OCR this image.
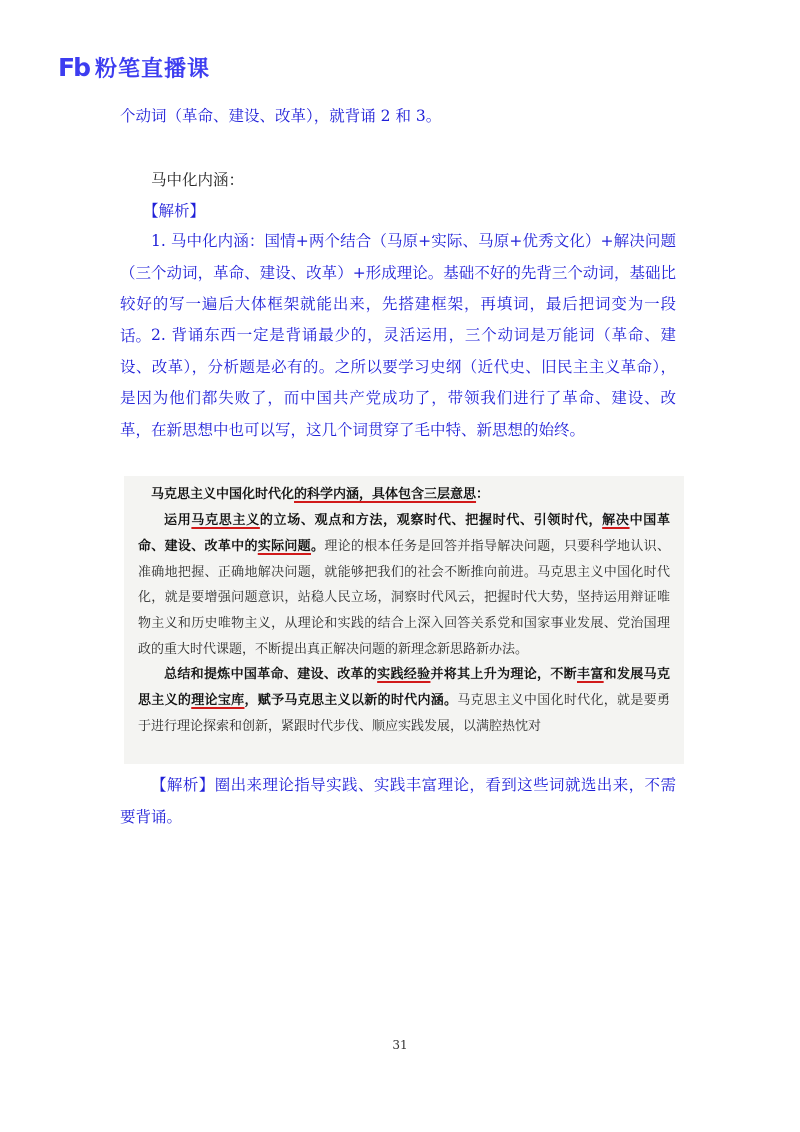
Fb 粉笔直播课
个动词（革命、建设、改革），就背诵 2 和 3。
马中化内涵：
【解析】
1. 马中化内涵：国情+两个结合（马原+实际、马原+优秀文化）+解决问题（三个动词，革命、建设、改革）+形成理论。基础不好的先背三个动词，基础比较好的写一遍后大体框架就能出来，先搭建框架，再填词，最后把词变为一段话。 2. 背诵东西一定是背诵最少的，灵活运用，三个动词是万能词（革命、建设、改革），分析题是必有的。之所以要学习史纲（近代史、旧民主主义革命），是因为他们都失败了，而中国共产党成功了，带领我们进行了革命、建设、改革，在新思想中也可以写，这几个词贯穿了毛中特、新思想的始终。
马克思主义中国化时代化的科学内涵，具体包含三层意思：
运用马克思主义的立场、观点和方法，观察时代、把握时代、引领时代，解决中国革命、建设、改革中的实际问题。理论的根本任务是回答并指导解决问题，只要科学地认识、准确地把握、正确地解决问题，就能够把我们的社会不断推向前进。马克思主义中国化时代化，就是要增强问题意识，站稳人民立场，洞察时代风云，把握时代大势，坚持运用辩证唯物主义和历史唯物主义，从理论和实践的结合上深入回答关系党和国家事业发展、党治国理政的重大时代课题，不断提出真正解决问题的新理念新思路新办法。
总结和提炼中国革命、建设、改革的实践经验并将其上升为理论，不断丰富和发展马克思主义的理论宝库，赋予马克思主义以新的时代内涵。马克思主义中国化时代化，就是要勇于进行理论探索和创新，紧跟时代步伐、顺应实践发展，以满腔热忱对
【解析】圈出来理论指导实践、实践丰富理论，看到这些词就选出来，不需要背诵。
31
